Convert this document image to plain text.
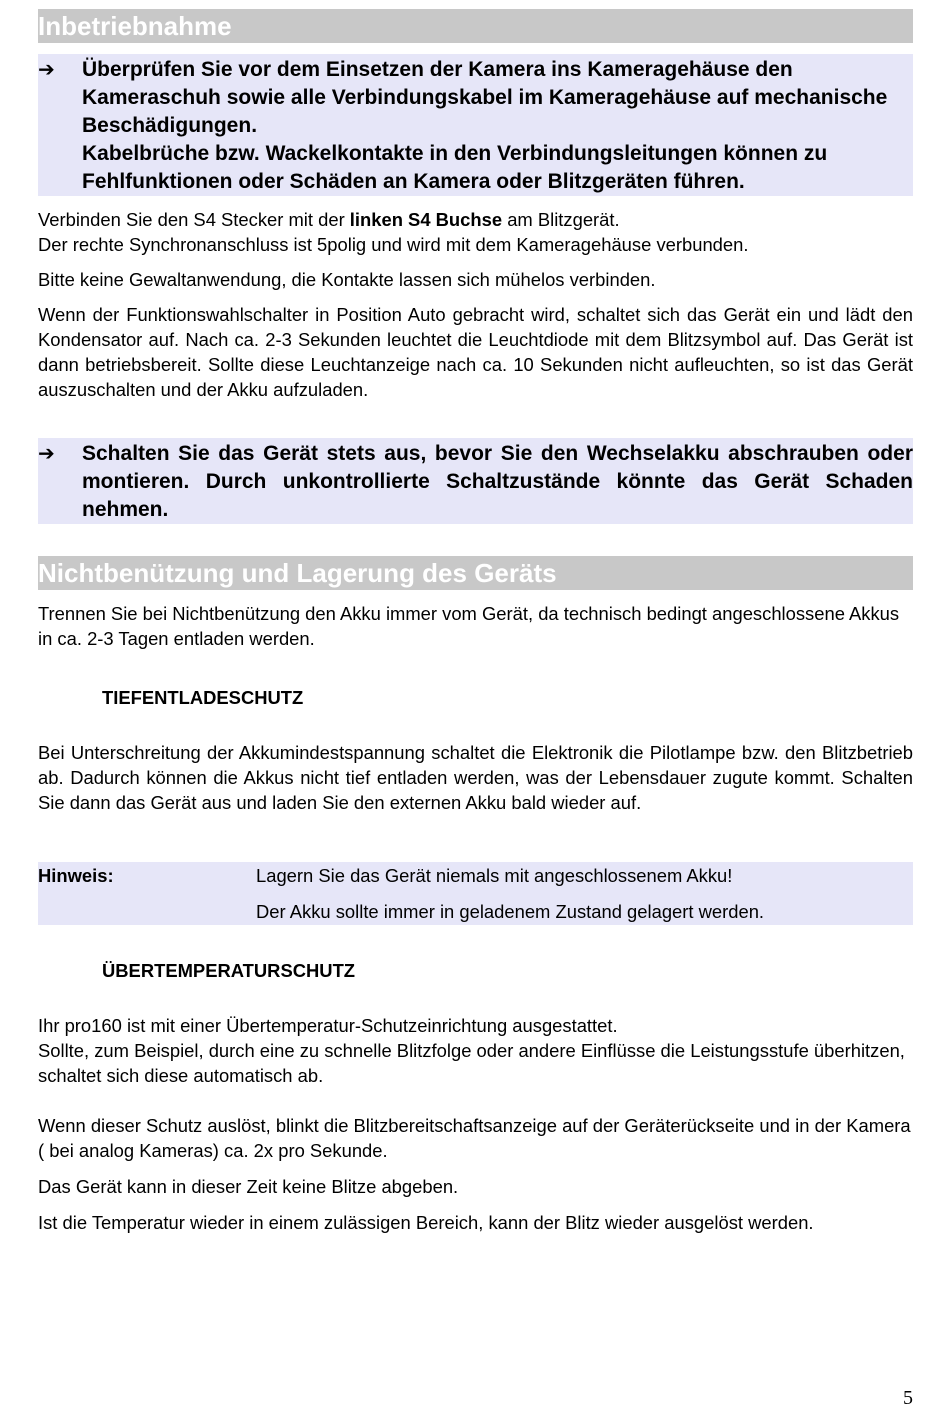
Inbetriebnahme
➔	Überprüfen Sie vor dem Einsetzen der Kamera ins Kameragehäuse den Kameraschuh sowie alle Verbindungskabel im Kameragehäuse auf mechanische Beschädigungen.

Kabelbrüche bzw. Wackelkontakte in den Verbindungsleitungen können zu Fehlfunktionen oder Schäden an Kamera oder Blitzgeräten führen.

Verbinden Sie den S4 Stecker mit der linken S4 Buchse am Blitzgerät.
Der rechte Synchronanschluss ist 5polig und wird mit dem Kameragehäuse verbunden.

Bitte keine Gewaltanwendung, die Kontakte lassen sich mühelos verbinden.

Wenn der Funktionswahlschalter in Position Auto gebracht wird, schaltet sich das Gerät ein und lädt den Kondensator auf. Nach ca. 2-3 Sekunden leuchtet die Leuchtdiode mit dem Blitzsymbol auf. Das Gerät ist dann betriebsbereit. Sollte diese Leuchtanzeige nach ca. 10 Sekunden nicht aufleuchten, so ist das Gerät auszuschalten und der Akku aufzuladen.

➔	Schalten Sie das Gerät stets aus, bevor Sie den Wechselakku abschrauben oder montieren. Durch unkontrollierte Schaltzustände könnte das Gerät Schaden nehmen.

Nichtbenützung und Lagerung des Geräts

Trennen Sie bei Nichtbenützung den Akku immer vom Gerät, da technisch bedingt angeschlossene Akkus in ca. 2-3 Tagen entladen werden.

TIEFENTLADESCHUTZ

Bei Unterschreitung der Akkumindestspannung schaltet die Elektronik die Pilotlampe bzw. den Blitzbetrieb ab. Dadurch können die Akkus nicht tief entladen werden, was der Lebensdauer zugute kommt. Schalten Sie dann das Gerät aus und laden Sie den externen Akku bald wieder auf.

Hinweis:	Lagern Sie das Gerät niemals mit angeschlossenem Akku!

Der Akku sollte immer in geladenem Zustand gelagert werden.

ÜBERTEMPERATURSCHUTZ

Ihr pro160 ist mit einer Übertemperatur-Schutzeinrichtung ausgestattet.
Sollte, zum Beispiel, durch eine zu schnelle Blitzfolge oder andere Einflüsse die Leistungsstufe überhitzen, schaltet sich diese automatisch ab.

Wenn dieser Schutz auslöst, blinkt die Blitzbereitschaftsanzeige auf der Geräterückseite und in der Kamera ( bei analog Kameras) ca. 2x pro Sekunde.

Das Gerät kann in dieser Zeit keine Blitze abgeben.

Ist die Temperatur wieder in einem zulässigen Bereich, kann der Blitz wieder ausgelöst werden.

5
